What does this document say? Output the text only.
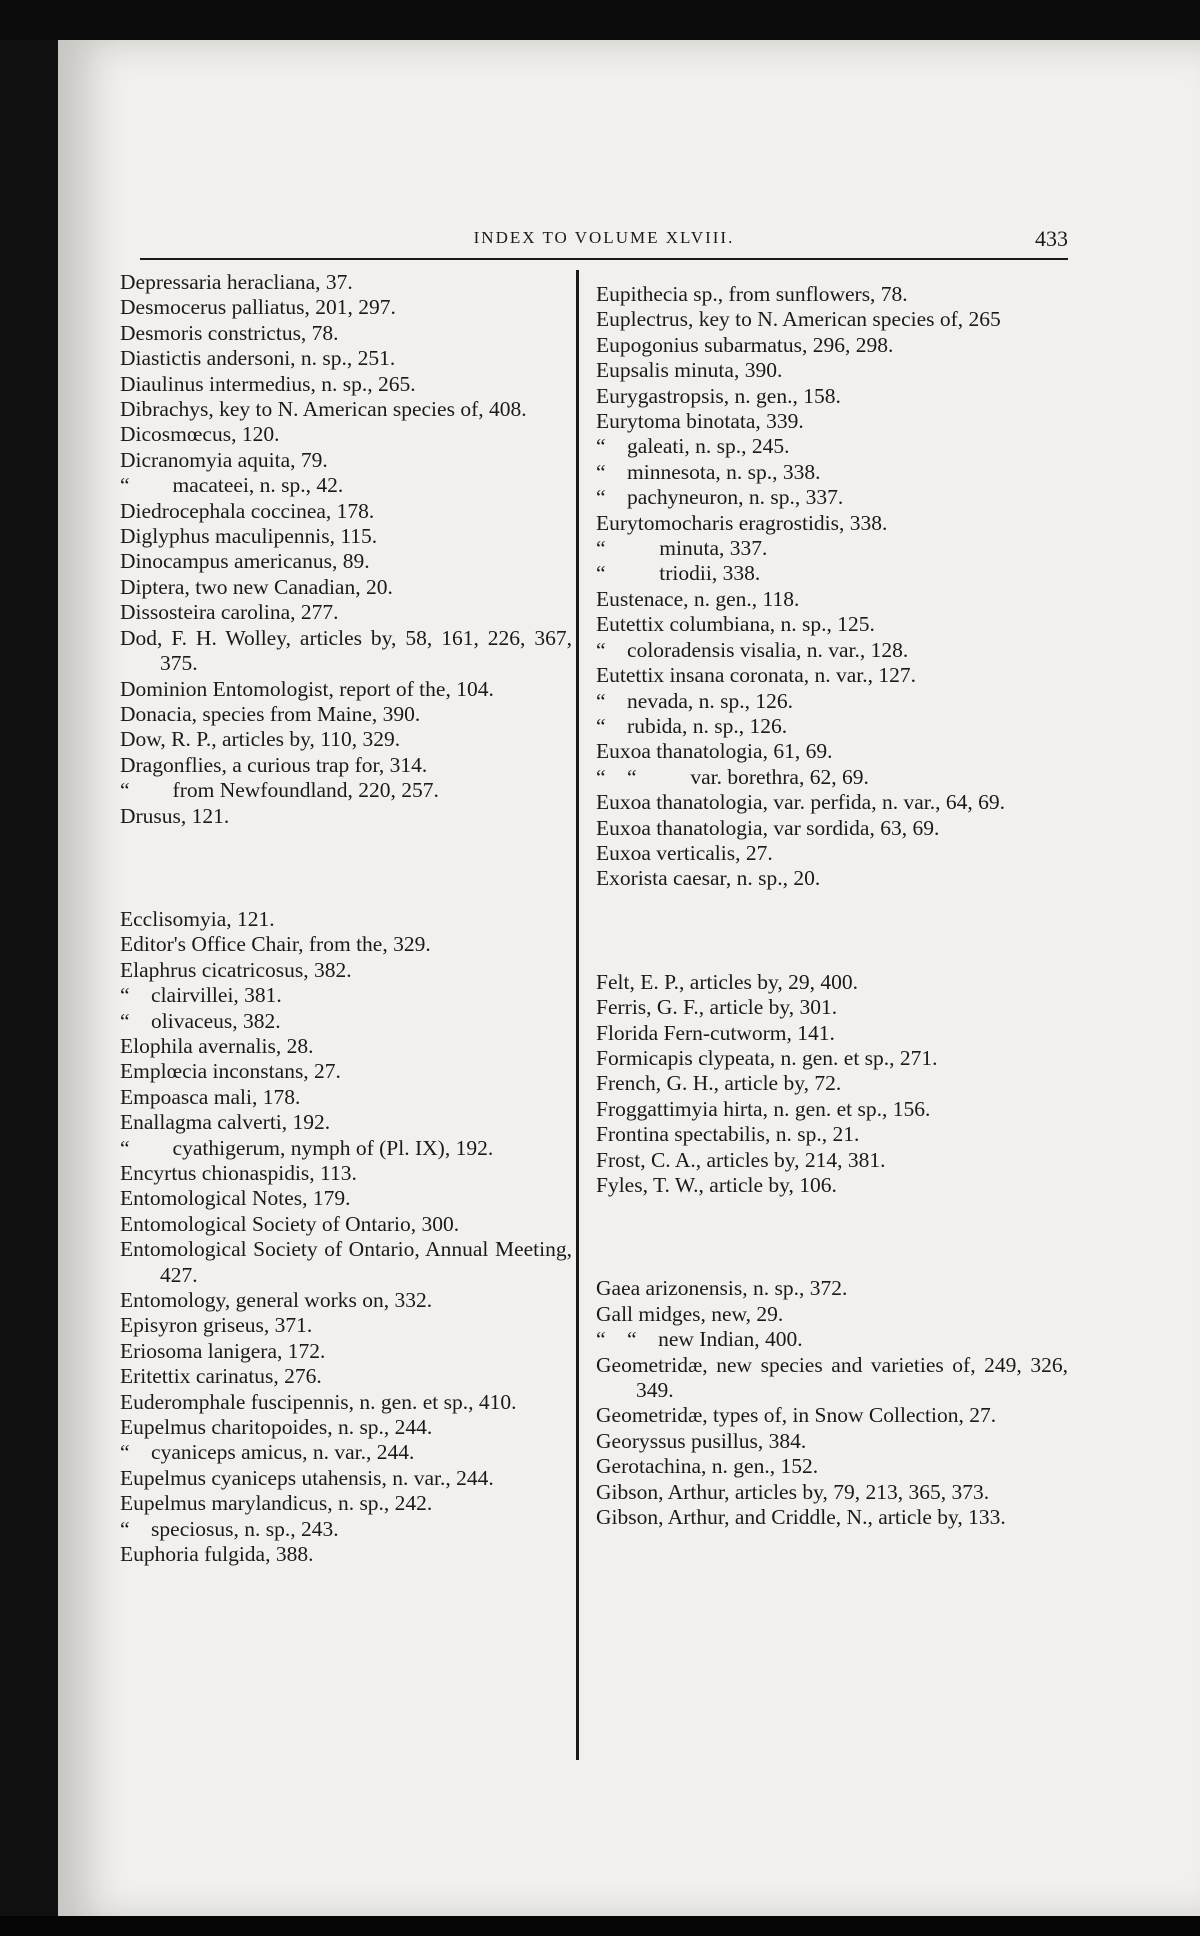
INDEX TO VOLUME XLVIII.	433
Depressaria heracliana, 37.
Desmocerus palliatus, 201, 297.
Desmoris constrictus, 78.
Diastictis andersoni, n. sp., 251.
Diaulinus intermedius, n. sp., 265.
Dibrachys, key to N. American species of, 408.
Dicosmœcus, 120.
Dicranomyia aquita, 79.
“        macateei, n. sp., 42.
Diedrocephala coccinea, 178.
Diglyphus maculipennis, 115.
Dinocampus americanus, 89.
Diptera, two new Canadian, 20.
Dissosteira carolina, 277.
Dod, F. H. Wolley, articles by, 58, 161, 226, 367, 375.
Dominion Entomologist, report of the, 104.
Donacia, species from Maine, 390.
Dow, R. P., articles by, 110, 329.
Dragonflies, a curious trap for, 314.
“        from Newfoundland, 220, 257.
Drusus, 121.
Ecclisomyia, 121.
Editor's Office Chair, from the, 329.
Elaphrus cicatricosus, 382.
“    clairvillei, 381.
“    olivaceus, 382.
Elophila avernalis, 28.
Emplœcia inconstans, 27.
Empoasca mali, 178.
Enallagma calverti, 192.
“        cyathigerum, nymph of (Pl. IX), 192.
Encyrtus chionaspidis, 113.
Entomological Notes, 179.
Entomological Society of Ontario, 300.
Entomological Society of Ontario, Annual Meeting, 427.
Entomology, general works on, 332.
Episyron griseus, 371.
Eriosoma lanigera, 172.
Eritettix carinatus, 276.
Euderomphale fuscipennis, n. gen. et sp., 410.
Eupelmus charitopoides, n. sp., 244.
“    cyaniceps amicus, n. var., 244.
Eupelmus cyaniceps utahensis, n. var., 244.
Eupelmus marylandicus, n. sp., 242.
“    speciosus, n. sp., 243.
Euphoria fulgida, 388.
Eupithecia sp., from sunflowers, 78.
Euplectrus, key to N. American species of, 265
Eupogonius subarmatus, 296, 298.
Eupsalis minuta, 390.
Eurygastropsis, n. gen., 158.
Eurytoma binotata, 339.
“    galeati, n. sp., 245.
“    minnesota, n. sp., 338.
“    pachyneuron, n. sp., 337.
Eurytomocharis eragrostidis, 338.
“          minuta, 337.
“          triodii, 338.
Eustenace, n. gen., 118.
Eutettix columbiana, n. sp., 125.
“    coloradensis visalia, n. var., 128.
Eutettix insana coronata, n. var., 127.
“    nevada, n. sp., 126.
“    rubida, n. sp., 126.
Euxoa thanatologia, 61, 69.
“    “          var. borethra, 62, 69.
Euxoa thanatologia, var. perfida, n. var., 64, 69.
Euxoa thanatologia, var sordida, 63, 69.
Euxoa verticalis, 27.
Exorista caesar, n. sp., 20.
Felt, E. P., articles by, 29, 400.
Ferris, G. F., article by, 301.
Florida Fern-cutworm, 141.
Formicapis clypeata, n. gen. et sp., 271.
French, G. H., article by, 72.
Froggattimyia hirta, n. gen. et sp., 156.
Frontina spectabilis, n. sp., 21.
Frost, C. A., articles by, 214, 381.
Fyles, T. W., article by, 106.
Gaea arizonensis, n. sp., 372.
Gall midges, new, 29.
“    “    new Indian, 400.
Geometridæ, new species and varieties of, 249, 326, 349.
Geometridæ, types of, in Snow Collection, 27.
Georyssus pusillus, 384.
Gerotachina, n. gen., 152.
Gibson, Arthur, articles by, 79, 213, 365, 373.
Gibson, Arthur, and Criddle, N., article by, 133.
